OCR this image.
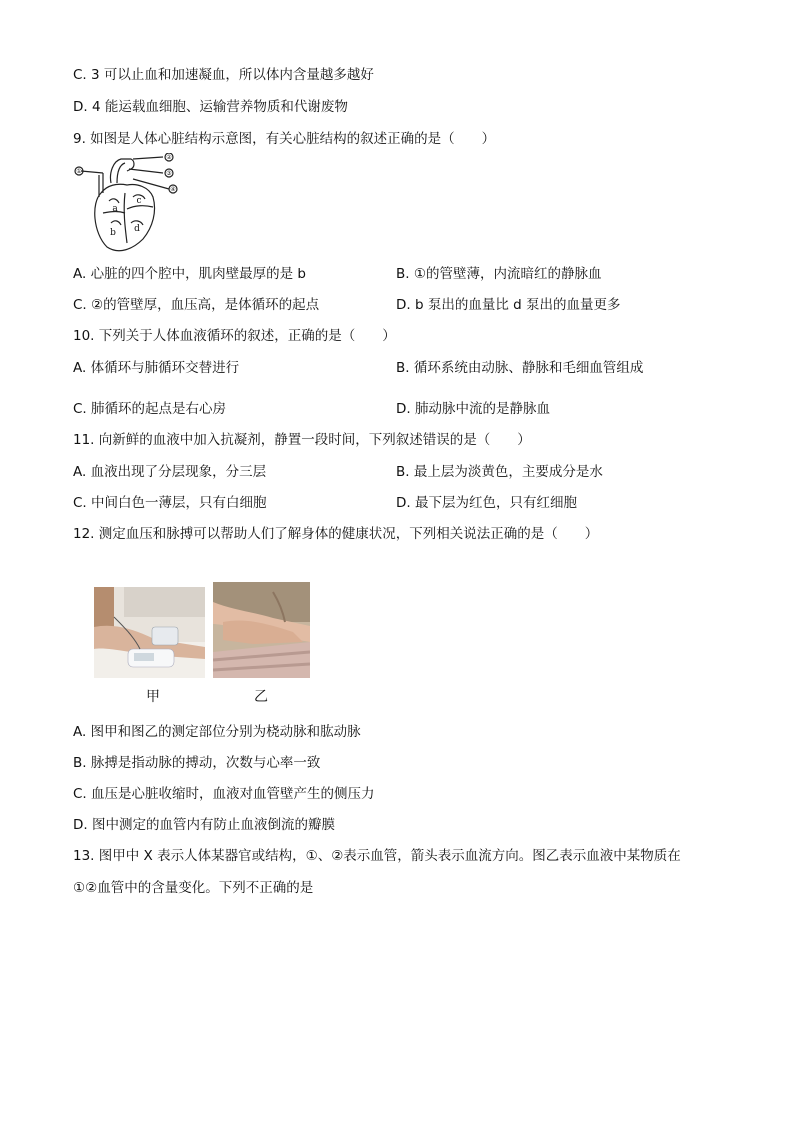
C. 3 可以止血和加速凝血，所以体内含量越多越好
D. 4 能运载血细胞、运输营养物质和代谢废物
9. 如图是人体心脏结构示意图，有关心脏结构的叙述正确的是（　　）
①
②
③
④
a
b
c
d
A. 心脏的四个腔中，肌肉壁最厚的是 b	B. ①的管壁薄，内流暗红的静脉血
C. ②的管壁厚，血压高，是体循环的起点	D. b 泵出的血量比 d 泵出的血量更多
10. 下列关于人体血液循环的叙述，正确的是（　　）
A. 体循环与肺循环交替进行	B. 循环系统由动脉、静脉和毛细血管组成
C. 肺循环的起点是右心房	D. 肺动脉中流的是静脉血
11. 向新鲜的血液中加入抗凝剂，静置一段时间，下列叙述错误的是（　　）
A. 血液出现了分层现象，分三层	B. 最上层为淡黄色，主要成分是水
C. 中间白色一薄层，只有白细胞	D. 最下层为红色，只有红细胞
12. 测定血压和脉搏可以帮助人们了解身体的健康状况，下列相关说法正确的是（　　）
甲	乙
A. 图甲和图乙的测定部位分别为桡动脉和肱动脉
B. 脉搏是指动脉的搏动，次数与心率一致
C. 血压是心脏收缩时，血液对血管壁产生的侧压力
D. 图中测定的血管内有防止血液倒流的瓣膜
13. 图甲中 X 表示人体某器官或结构，①、②表示血管，箭头表示血流方向。图乙表示血液中某物质在
①②血管中的含量变化。下列不正确的是
